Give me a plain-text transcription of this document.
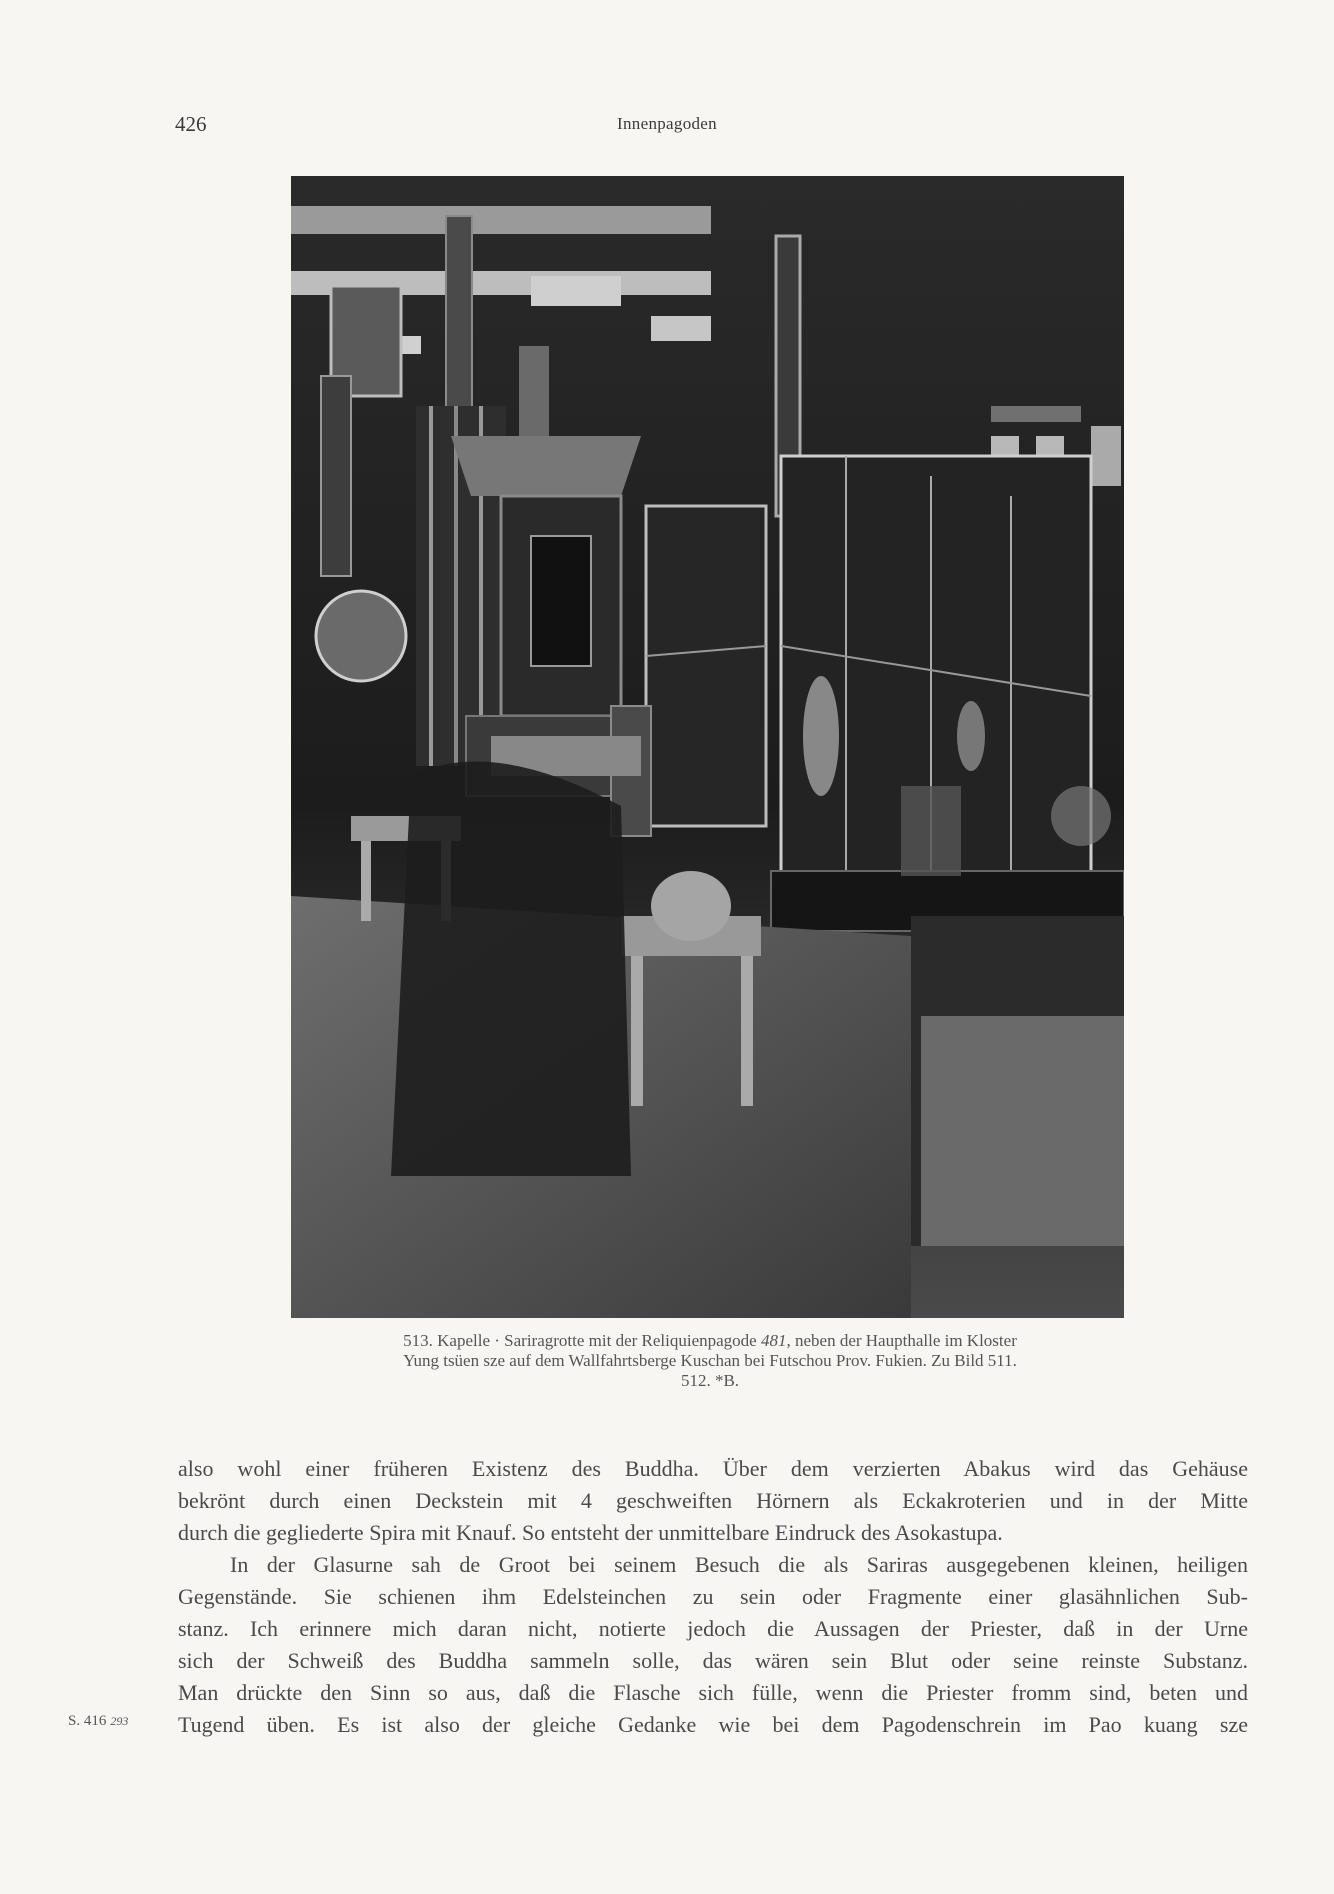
426	Innenpagoden
513. Kapelle · Sariragrotte mit der Reliquienpagode 481, neben der Haupthalle im Kloster
Yung tsüen sze auf dem Wallfahrtsberge Kuschan bei Futschou Prov. Fukien. Zu Bild 511.
512. *B.
also wohl einer früheren Existenz des Buddha. Über dem verzierten Abakus wird das Gehäuse
bekrönt durch einen Deckstein mit 4 geschweiften Hörnern als Eckakroterien und in der Mitte
durch die gegliederte Spira mit Knauf. So entsteht der unmittelbare Eindruck des Asokastupa.
In der Glasurne sah de Groot bei seinem Besuch die als Sariras ausgegebenen kleinen, heiligen
Gegenstände. Sie schienen ihm Edelsteinchen zu sein oder Fragmente einer glasähnlichen Sub-
stanz. Ich erinnere mich daran nicht, notierte jedoch die Aussagen der Priester, daß in der Urne
sich der Schweiß des Buddha sammeln solle, das wären sein Blut oder seine reinste Substanz.
Man drückte den Sinn so aus, daß die Flasche sich fülle, wenn die Priester fromm sind, beten und
Tugend üben. Es ist also der gleiche Gedanke wie bei dem Pagodenschrein im Pao kuang sze
S. 416 293
